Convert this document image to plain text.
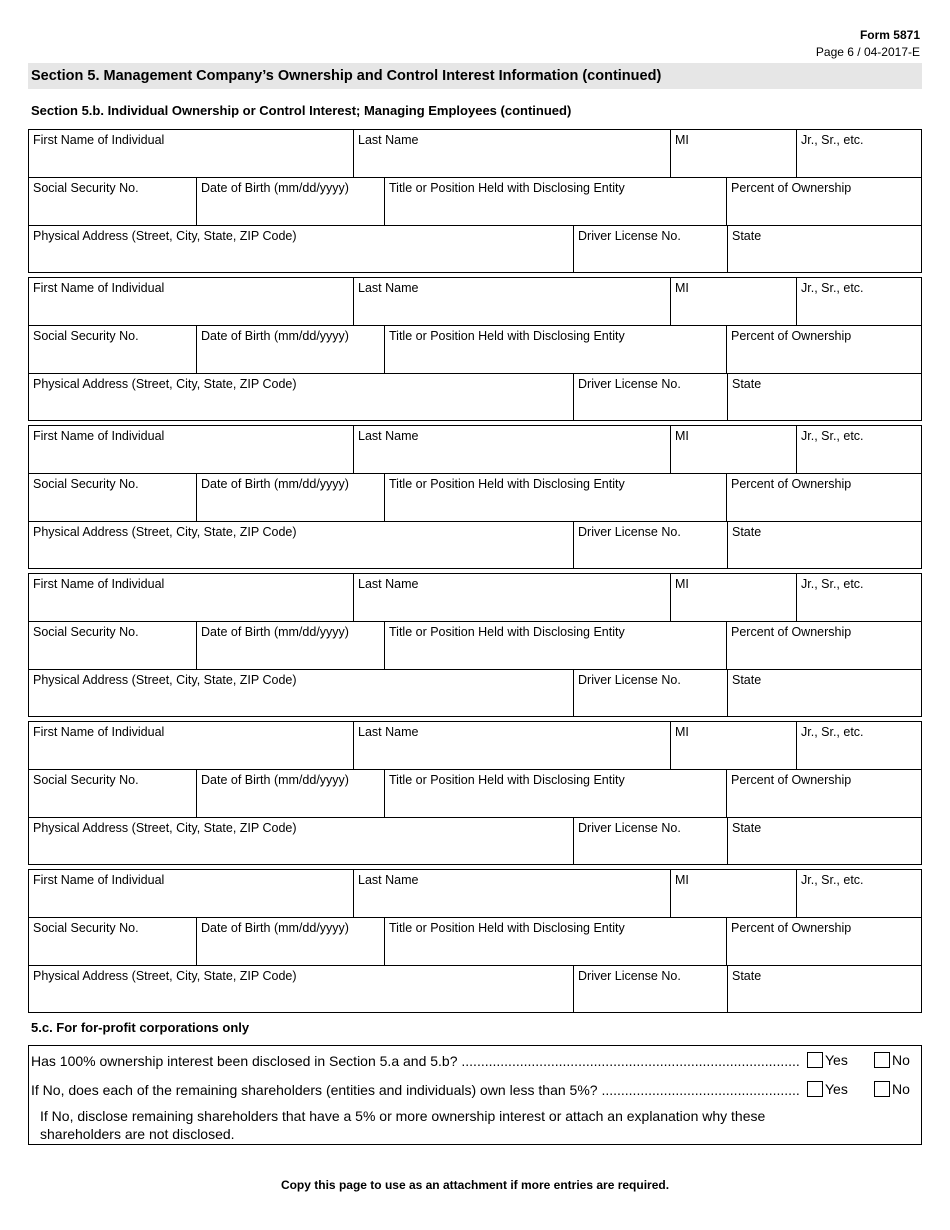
Form 5871
Page 6 / 04-2017-E
Section 5. Management Company’s Ownership and Control Interest Information (continued)
Section 5.b. Individual Ownership or Control Interest; Managing Employees (continued)
First Name of Individual	Last Name	MI	Jr., Sr., etc.
Social Security No.	Date of Birth (mm/dd/yyyy)	Title or Position Held with Disclosing Entity	Percent of Ownership
Physical Address (Street, City, State, ZIP Code)	Driver License No.	State
First Name of Individual	Last Name	MI	Jr., Sr., etc.
Social Security No.	Date of Birth (mm/dd/yyyy)	Title or Position Held with Disclosing Entity	Percent of Ownership
Physical Address (Street, City, State, ZIP Code)	Driver License No.	State
First Name of Individual	Last Name	MI	Jr., Sr., etc.
Social Security No.	Date of Birth (mm/dd/yyyy)	Title or Position Held with Disclosing Entity	Percent of Ownership
Physical Address (Street, City, State, ZIP Code)	Driver License No.	State
First Name of Individual	Last Name	MI	Jr., Sr., etc.
Social Security No.	Date of Birth (mm/dd/yyyy)	Title or Position Held with Disclosing Entity	Percent of Ownership
Physical Address (Street, City, State, ZIP Code)	Driver License No.	State
First Name of Individual	Last Name	MI	Jr., Sr., etc.
Social Security No.	Date of Birth (mm/dd/yyyy)	Title or Position Held with Disclosing Entity	Percent of Ownership
Physical Address (Street, City, State, ZIP Code)	Driver License No.	State
First Name of Individual	Last Name	MI	Jr., Sr., etc.
Social Security No.	Date of Birth (mm/dd/yyyy)	Title or Position Held with Disclosing Entity	Percent of Ownership
Physical Address (Street, City, State, ZIP Code)	Driver License No.	State
5.c. For for-profit corporations only
Has 100% ownership interest been disclosed in Section 5.a and 5.b? ....................................................................................... Yes	No
If No, does each of the remaining shareholders (entities and individuals) own less than 5%? ................................................... Yes	No
If No, disclose remaining shareholders that have a 5% or more ownership interest or attach an explanation why these shareholders are not disclosed.
Copy this page to use as an attachment if more entries are required.
